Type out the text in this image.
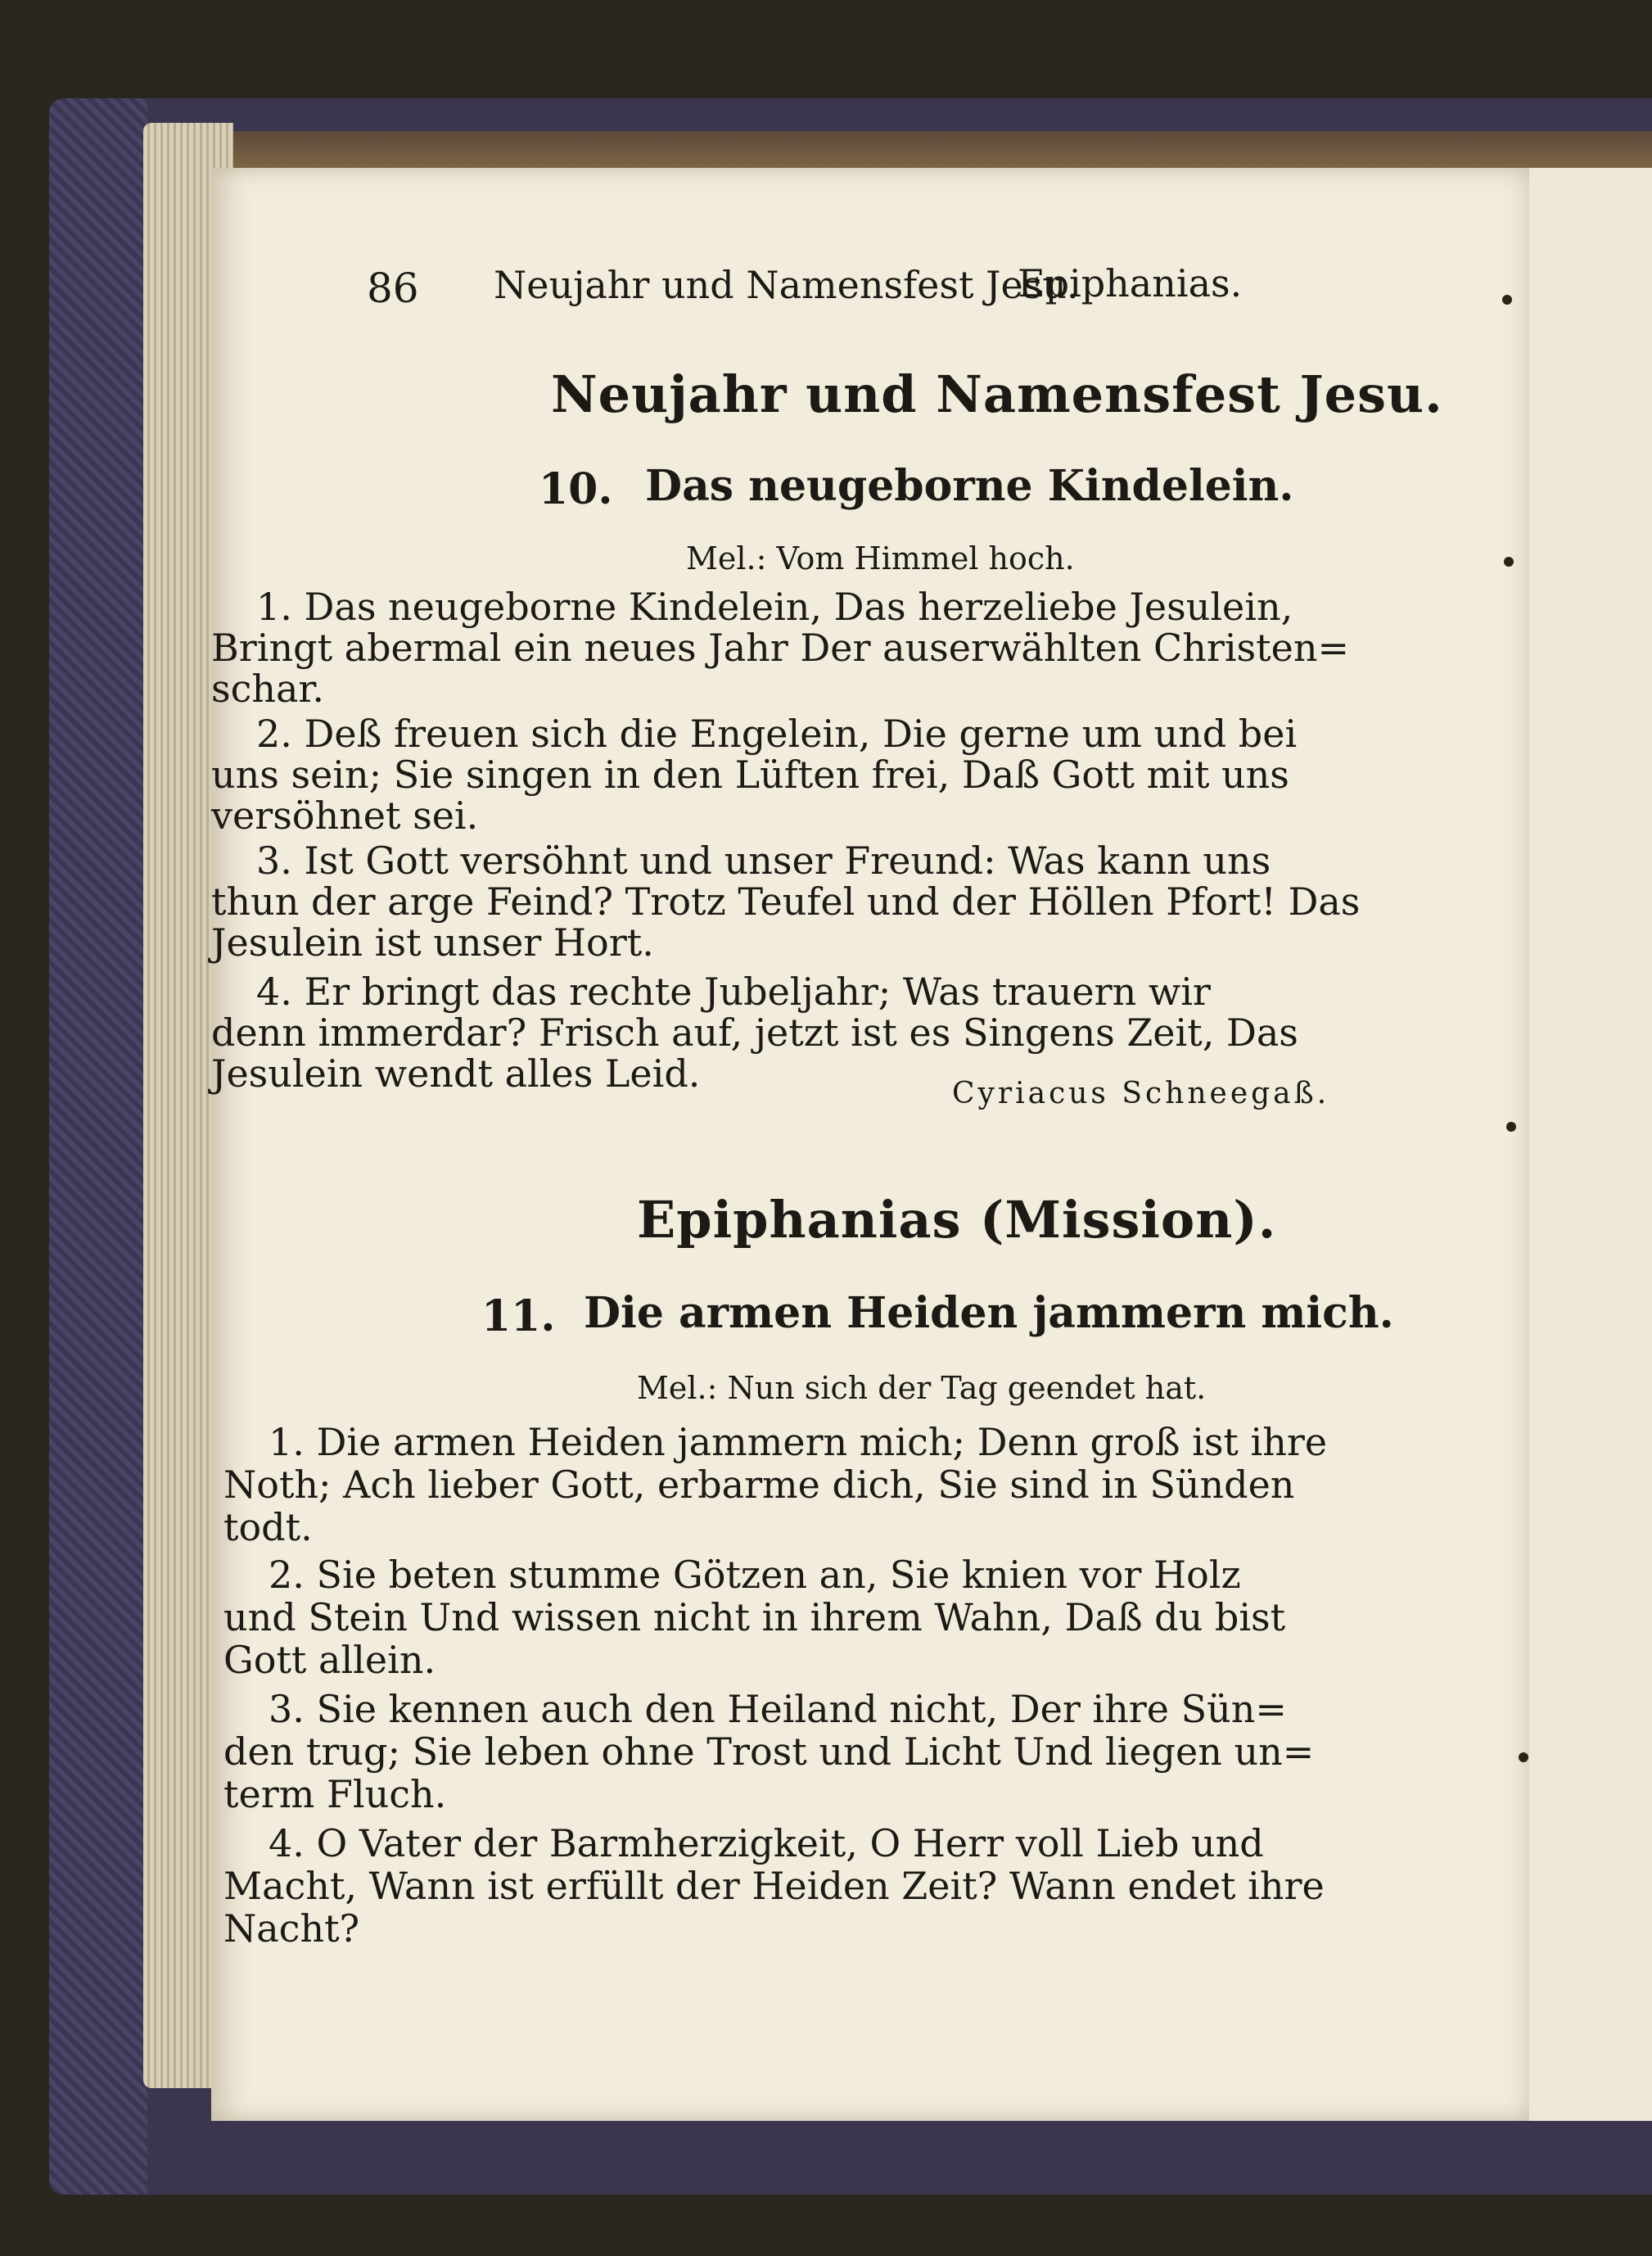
86 Neujahr und Namensfest Jesu.
Epiphanias.
Neujahr und Namensfest Jesu.
10. Das neugeborne Kindelein.
Mel.: Vom Himmel hoch.
1. Das neugeborne Kindelein, Das herzeliebe Jesulein,
Bringt abermal ein neues Jahr Der auserwählten Christen=
schar.
2. Deß freuen sich die Engelein, Die gerne um und bei
uns sein; Sie singen in den Lüften frei, Daß Gott mit uns
versöhnet sei.
3. Ist Gott versöhnt und unser Freund: Was kann uns
thun der arge Feind? Trotz Teufel und der Höllen Pfort! Das
Jesulein ist unser Hort.
4. Er bringt das rechte Jubeljahr; Was trauern wir
denn immerdar? Frisch auf, jetzt ist es Singens Zeit, Das
Jesulein wendt alles Leid.	Cyriacus Schneegaß.
Epiphanias (Mission).
11. Die armen Heiden jammern mich.
Mel.: Nun sich der Tag geendet hat.
1. Die armen Heiden jammern mich; Denn groß ist ihre
Noth; Ach lieber Gott, erbarme dich, Sie sind in Sünden
todt.
2. Sie beten stumme Götzen an, Sie knien vor Holz
und Stein Und wissen nicht in ihrem Wahn, Daß du bist
Gott allein.
3. Sie kennen auch den Heiland nicht, Der ihre Sün=
den trug; Sie leben ohne Trost und Licht Und liegen un=
term Fluch.
4. O Vater der Barmherzigkeit, O Herr voll Lieb und
Macht, Wann ist erfüllt der Heiden Zeit? Wann endet ihre
Nacht?
